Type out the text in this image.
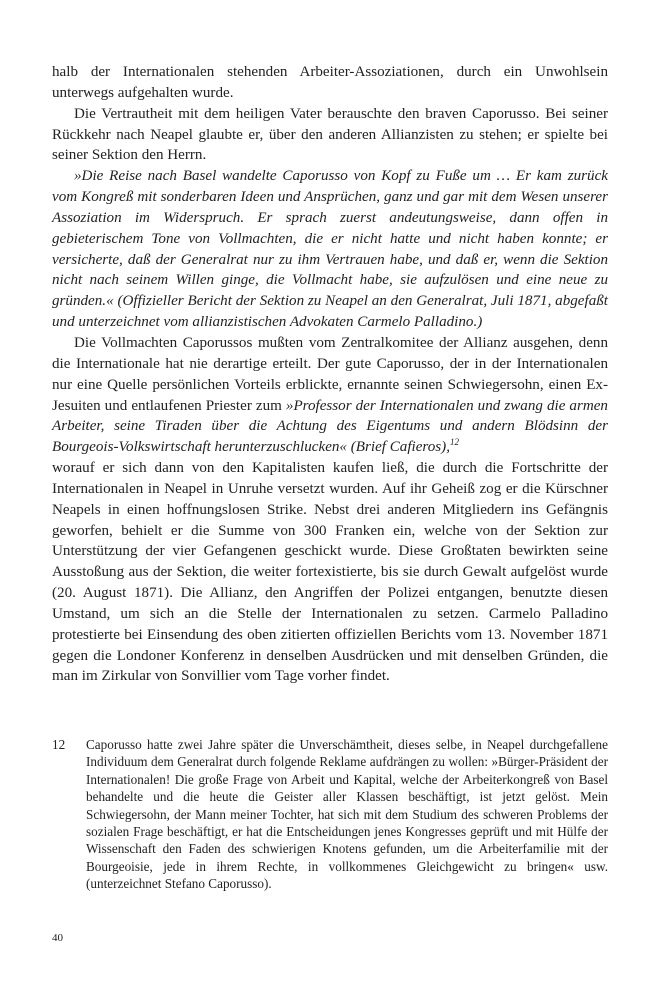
halb der Internationalen stehenden Arbeiter-Assoziationen, durch ein Unwohlsein unterwegs aufgehalten wurde.

Die Vertrautheit mit dem heiligen Vater berauschte den braven Caporusso. Bei seiner Rückkehr nach Neapel glaubte er, über den anderen Allianzisten zu stehen; er spielte bei seiner Sektion den Herrn.

»Die Reise nach Basel wandelte Caporusso von Kopf zu Fuße um … Er kam zurück vom Kongreß mit sonderbaren Ideen und Ansprüchen, ganz und gar mit dem Wesen unserer Assoziation im Widerspruch. Er sprach zuerst andeutungsweise, dann offen in gebieterischem Tone von Vollmachten, die er nicht hatte und nicht haben konnte; er versicherte, daß der Generalrat nur zu ihm Vertrauen habe, und daß er, wenn die Sektion nicht nach seinem Willen ginge, die Vollmacht habe, sie aufzulösen und eine neue zu gründen.« (Offizieller Bericht der Sektion zu Neapel an den Generalrat, Juli 1871, abgefaßt und unterzeichnet vom allianzistischen Advokaten Carmelo Palladino.)

Die Vollmachten Caporussos mußten vom Zentralkomitee der Allianz ausgehen, denn die Internationale hat nie derartige erteilt. Der gute Caporusso, der in der Internationalen nur eine Quelle persönlichen Vorteils erblickte, ernannte seinen Schwiegersohn, einen Ex-Jesuiten und entlaufenen Priester zum »Professor der Internationalen und zwang die armen Arbeiter, seine Tiraden über die Achtung des Eigentums und andern Blödsinn der Bourgeois-Volkswirtschaft herunterzuschlucken« (Brief Cafieros),$^{12}$

worauf er sich dann von den Kapitalisten kaufen ließ, die durch die Fortschritte der Internationalen in Neapel in Unruhe versetzt wurden. Auf ihr Geheiß zog er die Kürschner Neapels in einen hoffnungslosen Strike. Nebst drei anderen Mitgliedern ins Gefängnis geworfen, behielt er die Summe von 300 Franken ein, welche von der Sektion zur Unterstützung der vier Gefangenen geschickt wurde. Diese Großtaten bewirkten seine Ausstoßung aus der Sektion, die weiter fortexistierte, bis sie durch Gewalt aufgelöst wurde (20. August 1871). Die Allianz, den Angriffen der Polizei entgangen, benutzte diesen Umstand, um sich an die Stelle der Internationalen zu setzen. Carmelo Palladino protestierte bei Einsendung des oben zitierten offiziellen Berichts vom 13. November 1871 gegen die Londoner Konferenz in denselben Ausdrücken und mit denselben Gründen, die man im Zirkular von Sonvillier vom Tage vorher findet.

12	Caporusso hatte zwei Jahre später die Unverschämtheit, dieses selbe, in Neapel durchgefallene Individuum dem Generalrat durch folgende Reklame aufdrängen zu wollen: »Bürger-Präsident der Internationalen! Die große Frage von Arbeit und Kapital, welche der Arbeiterkongreß von Basel behandelte und die heute die Geister aller Klassen beschäftigt, ist jetzt gelöst. Mein Schwiegersohn, der Mann meiner Tochter, hat sich mit dem Studium des schweren Problems der sozialen Frage beschäftigt, er hat die Entscheidungen jenes Kongresses geprüft und mit Hülfe der Wissenschaft den Faden des schwierigen Knotens gefunden, um die Arbeiterfamilie mit der Bourgeoisie, jede in ihrem Rechte, in vollkommenes Gleichgewicht zu bringen« usw. (unterzeichnet Stefano Caporusso).
40
